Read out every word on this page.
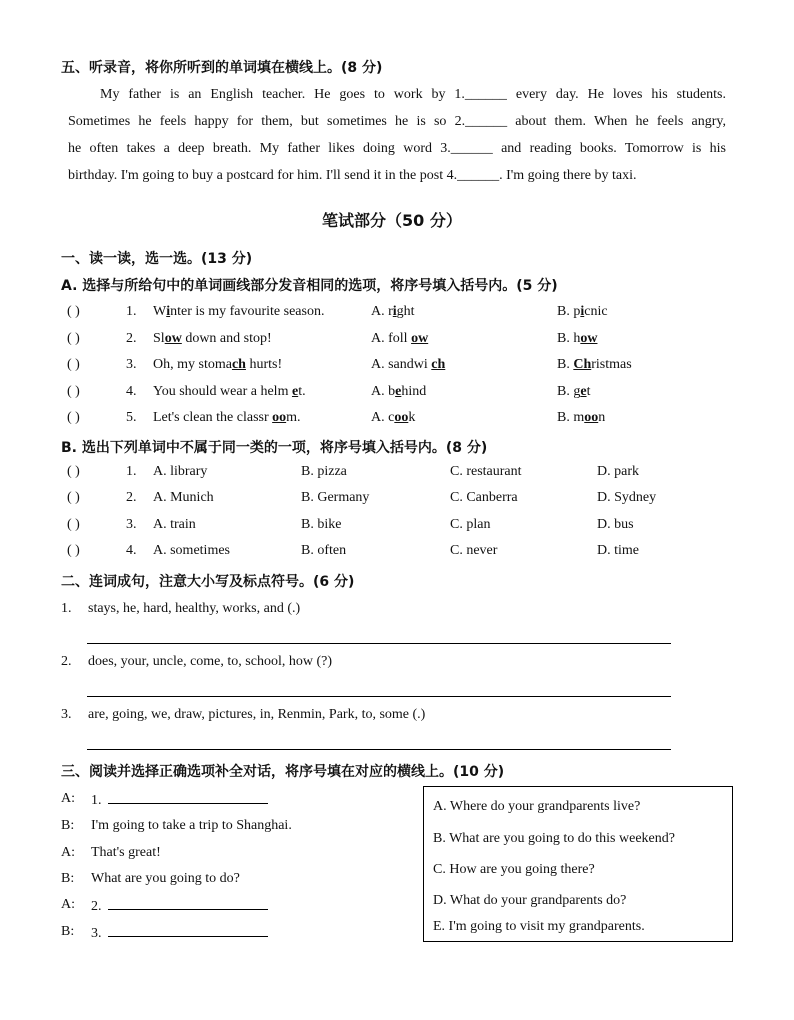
五、听录音，将你所听到的单词填在横线上。(8 分)
My father is an English teacher. He goes to work by 1.______ every day. He loves his students.
Sometimes he feels happy for them, but sometimes he is so 2.______ about them. When he feels angry,
he often takes a deep breath. My father likes doing word 3.______ and reading books. Tomorrow is his
birthday. I'm going to buy a postcard for him. I'll send it in the post 4.______. I'm going there by taxi.
笔试部分（50 分）
一、读一读，选一选。(13 分)
A. 选择与所给句中的单词画线部分发音相同的选项，将序号填入括号内。(5 分)
( )	1. Winter is my favourite season.	A. right	B. picnic
( )	2. Slow down and stop!	A. foll ow	B. how
( )	3. Oh, my stomach hurts!	A. sandwi ch	B. Christmas
( )	4. You should wear a helm et.	A. behind	B. get
( )	5. Let's clean the classr oom.	A. cook	B. moon
B. 选出下列单词中不属于同一类的一项，将序号填入括号内。(8 分)
( )	1. A. library	B. pizza	C. restaurant	D. park
( )	2. A. Munich	B. Germany	C. Canberra	D. Sydney
( )	3. A. train	B. bike	C. plan	D. bus
( )	4. A. sometimes	B. often	C. never	D. time
二、连词成句，注意大小写及标点符号。(6 分)
1. stays, he, hard, healthy, works, and (.)
2. does, your, uncle, come, to, school, how (?)
3. are, going, we, draw, pictures, in, Renmin, Park, to, some (.)
三、阅读并选择正确选项补全对话，将序号填在对应的横线上。(10 分)
A: 1.
B: I'm going to take a trip to Shanghai.
A: That's great!
B: What are you going to do?
A: 2.
B: 3.
A. Where do your grandparents live?
B. What are you going to do this weekend?
C. How are you going there?
D. What do your grandparents do?
E. I'm going to visit my grandparents.
